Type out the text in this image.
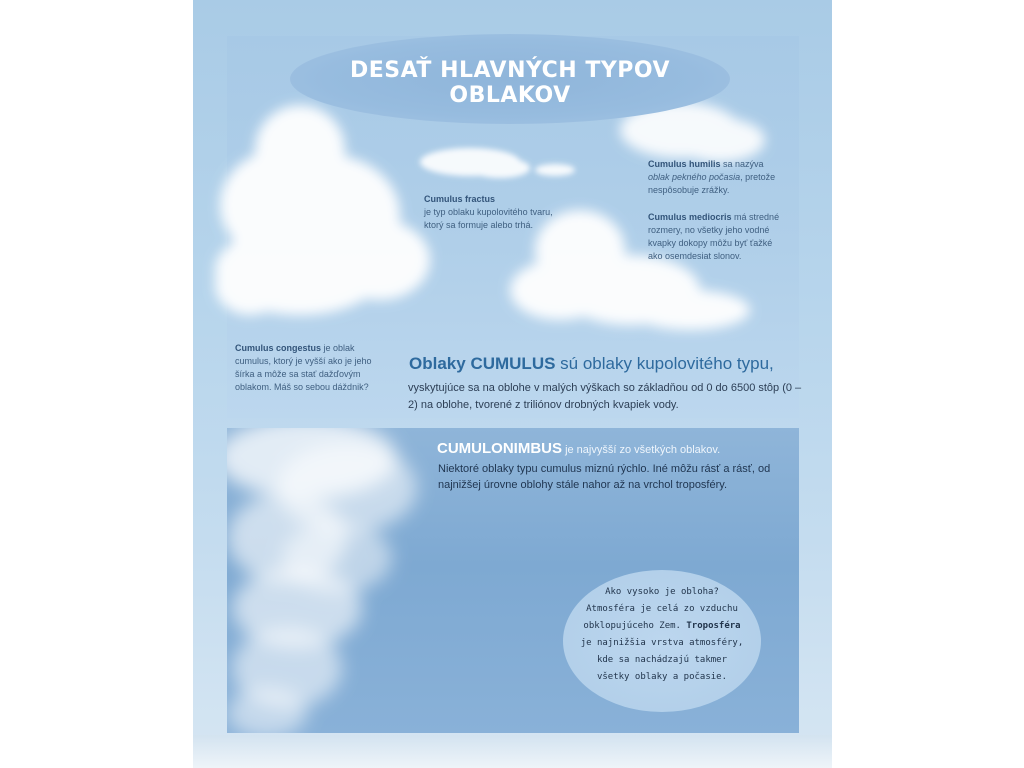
DESAŤ HLAVNÝCH TYPOV OBLAKOV
Cumulus fractus
je typ oblaku kupolovitého tvaru, ktorý sa formuje alebo trhá.
Cumulus humilis sa nazýva oblak pekného počasia, pretože nespôsobuje zrážky.
Cumulus mediocris má stredné rozmery, no všetky jeho vodné kvapky dokopy môžu byť ťažké ako osemdesiat slonov.
Cumulus congestus je oblak cumulus, ktorý je vyšší ako je jeho šírka a môže sa stať dažďovým oblakom. Máš so sebou dáždnik?
Oblaky CUMULUS sú oblaky kupolovitého typu,
vyskytujúce sa na oblohe v malých výškach so základňou od 0 do 6500 stôp (0 – 2) na oblohe, tvorené z triliónov drobných kvapiek vody.
CUMULONIMBUS je najvyšší zo všetkých oblakov.
Niektoré oblaky typu cumulus miznú rýchlo. Iné môžu rásť a rásť, od najnižšej úrovne oblohy stále nahor až na vrchol troposféry.
Ako vysoko je obloha?
Atmosféra je celá zo vzduchu
obklopujúceho Zem. Troposféra
je najnižšia vrstva atmosféry,
kde sa nachádzajú takmer
všetky oblaky a počasie.
